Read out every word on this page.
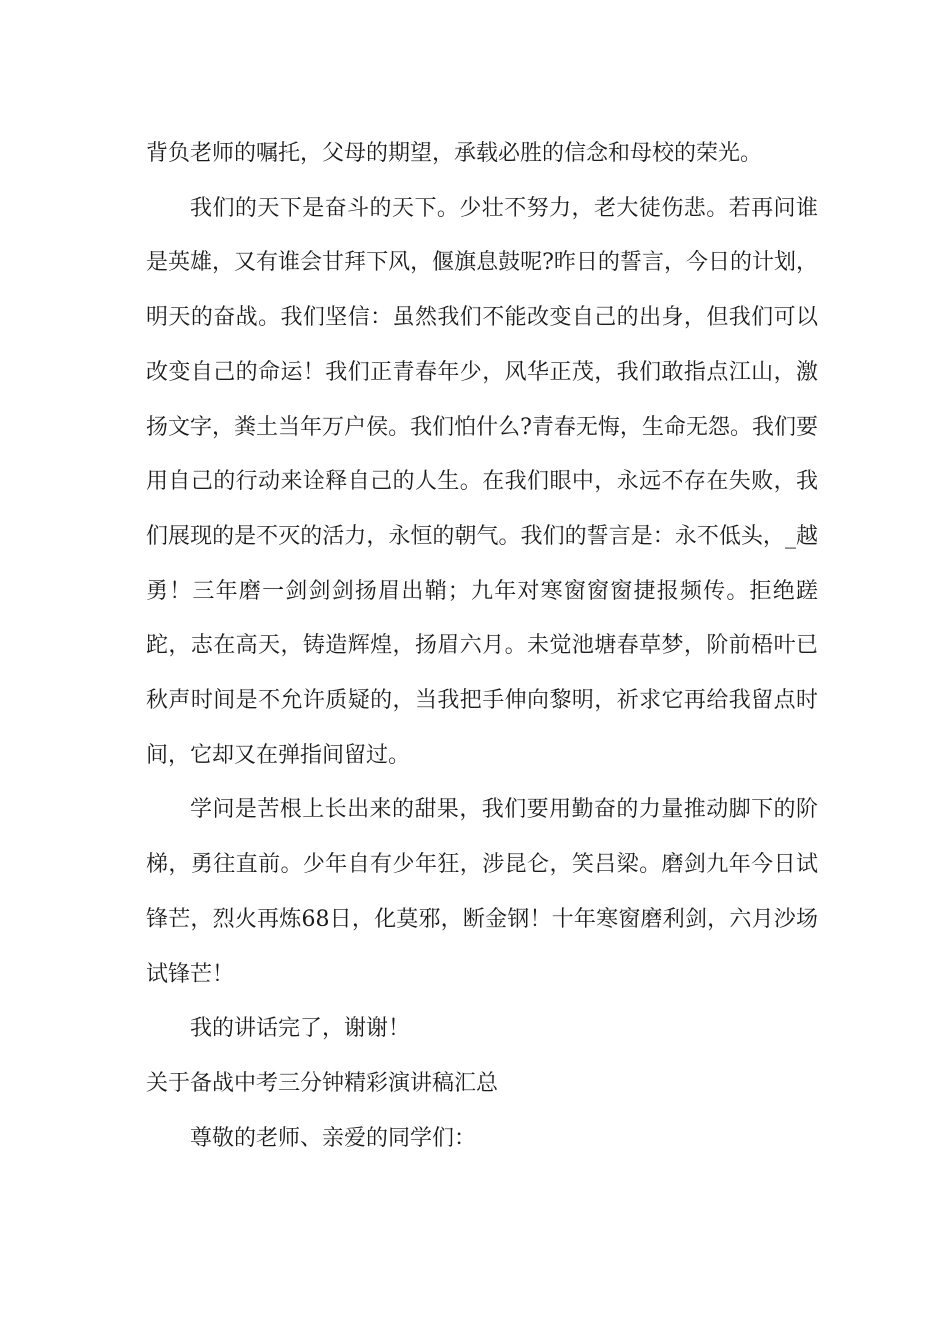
背负老师的嘱托，父母的期望，承载必胜的信念和母校的荣光。

我们的天下是奋斗的天下。少壮不努力，老大徒伤悲。若再问谁是英雄，又有谁会甘拜下风，偃旗息鼓呢?昨日的誓言，今日的计划，明天的奋战。我们坚信：虽然我们不能改变自己的出身，但我们可以改变自己的命运！我们正青春年少，风华正茂，我们敢指点江山，激扬文字，粪土当年万户侯。我们怕什么?青春无悔，生命无怨。我们要用自己的行动来诠释自己的人生。在我们眼中，永远不存在失败，我们展现的是不灭的活力，永恒的朝气。我们的誓言是：永不低头，_越勇！三年磨一剑剑剑扬眉出鞘；九年对寒窗窗窗捷报频传。拒绝蹉跎，志在高天，铸造辉煌，扬眉六月。未觉池塘春草梦，阶前梧叶已秋声时间是不允许质疑的，当我把手伸向黎明，祈求它再给我留点时间，它却又在弹指间留过。

学问是苦根上长出来的甜果，我们要用勤奋的力量推动脚下的阶梯，勇往直前。少年自有少年狂，涉昆仑，笑吕梁。磨剑九年今日试锋芒，烈火再炼68日，化莫邪，断金钢！十年寒窗磨利剑，六月沙场试锋芒！

我的讲话完了，谢谢！

关于备战中考三分钟精彩演讲稿汇总

尊敬的老师、亲爱的同学们：
